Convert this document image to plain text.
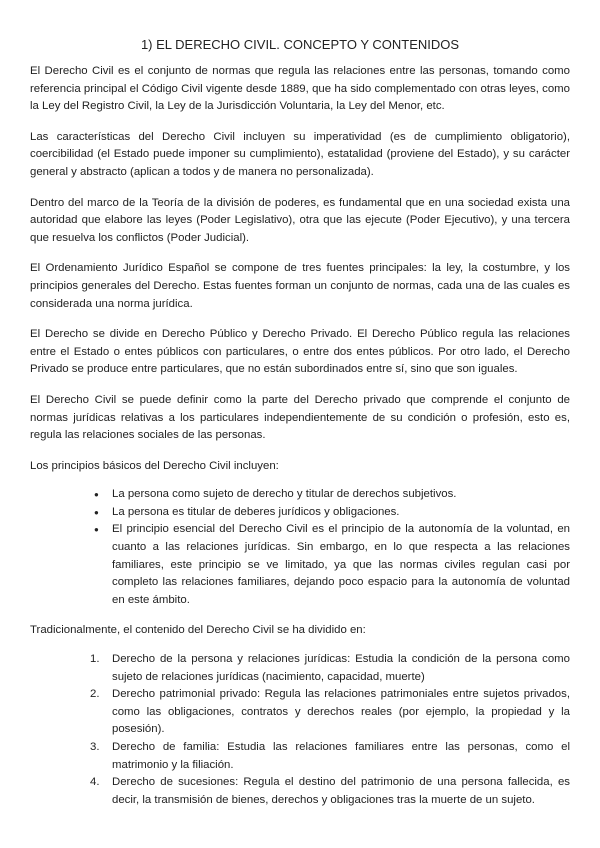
1) EL DERECHO CIVIL. CONCEPTO Y CONTENIDOS

El Derecho Civil es el conjunto de normas que regula las relaciones entre las personas, tomando como referencia principal el Código Civil vigente desde 1889, que ha sido complementado con otras leyes, como la Ley del Registro Civil, la Ley de la Jurisdicción Voluntaria, la Ley del Menor, etc.

Las características del Derecho Civil incluyen su imperatividad (es de cumplimiento obligatorio), coercibilidad (el Estado puede imponer su cumplimiento), estatalidad (proviene del Estado), y su carácter general y abstracto (aplican a todos y de manera no personalizada).

Dentro del marco de la Teoría de la división de poderes, es fundamental que en una sociedad exista una autoridad que elabore las leyes (Poder Legislativo), otra que las ejecute (Poder Ejecutivo), y una tercera que resuelva los conflictos (Poder Judicial).

El Ordenamiento Jurídico Español se compone de tres fuentes principales: la ley, la costumbre, y los principios generales del Derecho. Estas fuentes forman un conjunto de normas, cada una de las cuales es considerada una norma jurídica.

El Derecho se divide en Derecho Público y Derecho Privado. El Derecho Público regula las relaciones entre el Estado o entes públicos con particulares, o entre dos entes públicos. Por otro lado, el Derecho Privado se produce entre particulares, que no están subordinados entre sí, sino que son iguales.

El Derecho Civil se puede definir como la parte del Derecho privado que comprende el conjunto de normas jurídicas relativas a los particulares independientemente de su condición o profesión, esto es, regula las relaciones sociales de las personas.

Los principios básicos del Derecho Civil incluyen:

● La persona como sujeto de derecho y titular de derechos subjetivos.
● La persona es titular de deberes jurídicos y obligaciones.
● El principio esencial del Derecho Civil es el principio de la autonomía de la voluntad, en cuanto a las relaciones jurídicas. Sin embargo, en lo que respecta a las relaciones familiares, este principio se ve limitado, ya que las normas civiles regulan casi por completo las relaciones familiares, dejando poco espacio para la autonomía de voluntad en este ámbito.

Tradicionalmente, el contenido del Derecho Civil se ha dividido en:

1. Derecho de la persona y relaciones jurídicas: Estudia la condición de la persona como sujeto de relaciones jurídicas (nacimiento, capacidad, muerte)
2. Derecho patrimonial privado: Regula las relaciones patrimoniales entre sujetos privados, como las obligaciones, contratos y derechos reales (por ejemplo, la propiedad y la posesión).
3. Derecho de familia: Estudia las relaciones familiares entre las personas, como el matrimonio y la filiación.
4. Derecho de sucesiones: Regula el destino del patrimonio de una persona fallecida, es decir, la transmisión de bienes, derechos y obligaciones tras la muerte de un sujeto.
